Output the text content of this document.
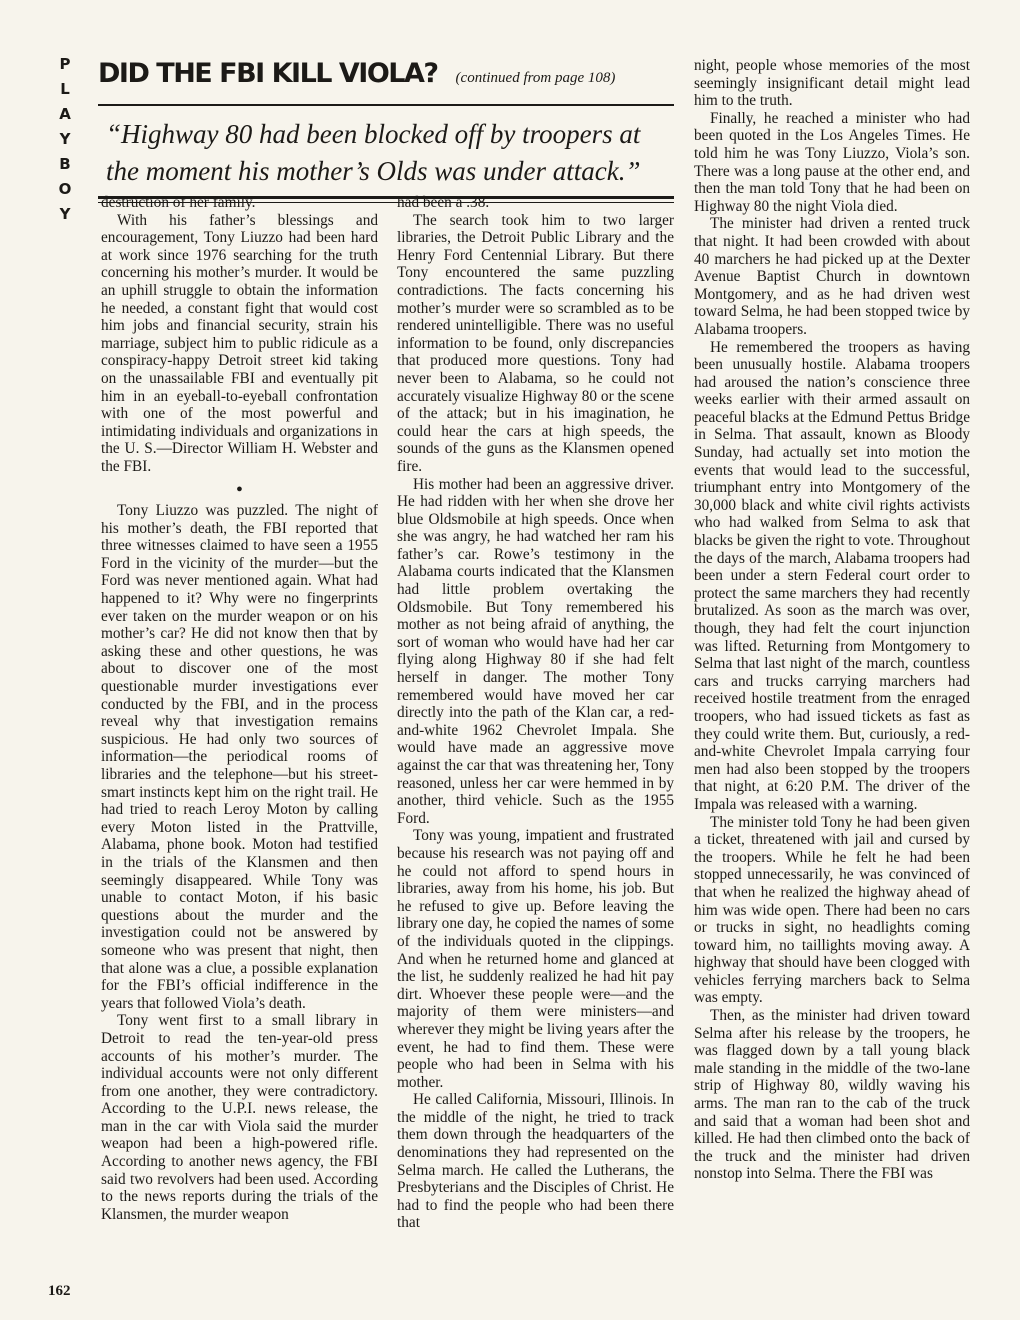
P
L
A
Y
B
O
Y
162
DID THE FBI KILL VIOLA? (continued from page 108)

“Highway 80 had been blocked off by troopers at the moment his mother’s Olds was under attack.”

destruction of her family.

With his father’s blessings and encouragement, Tony Liuzzo had been hard at work since 1976 searching for the truth concerning his mother’s murder. It would be an uphill struggle to obtain the information he needed, a constant fight that would cost him jobs and financial security, strain his marriage, subject him to public ridicule as a conspiracy-happy Detroit street kid taking on the unassailable FBI and eventually pit him in an eyeball-to-eyeball confrontation with one of the most powerful and intimidating individuals and organizations in the U. S.—Director William H. Webster and the FBI.

●

Tony Liuzzo was puzzled. The night of his mother’s death, the FBI reported that three witnesses claimed to have seen a 1955 Ford in the vicinity of the murder—but the Ford was never mentioned again. What had happened to it? Why were no fingerprints ever taken on the murder weapon or on his mother’s car? He did not know then that by asking these and other questions, he was about to discover one of the most questionable murder investigations ever conducted by the FBI, and in the process reveal why that investigation remains suspicious. He had only two sources of information—the periodical rooms of libraries and the telephone—but his street-smart instincts kept him on the right trail. He had tried to reach Leroy Moton by calling every Moton listed in the Prattville, Alabama, phone book. Moton had testified in the trials of the Klansmen and then seemingly disappeared. While Tony was unable to contact Moton, if his basic questions about the murder and the investigation could not be answered by someone who was present that night, then that alone was a clue, a possible explanation for the FBI’s official indifference in the years that followed Viola’s death.

Tony went first to a small library in Detroit to read the ten-year-old press accounts of his mother’s murder. The individual accounts were not only different from one another, they were contradictory. According to the U.P.I. news release, the man in the car with Viola said the murder weapon had been a high-powered rifle. According to another news agency, the FBI said two revolvers had been used. According to the news reports during the trials of the Klansmen, the murder weapon

had been a .38.

The search took him to two larger libraries, the Detroit Public Library and the Henry Ford Centennial Library. But there Tony encountered the same puzzling contradictions. The facts concerning his mother’s murder were so scrambled as to be rendered unintelligible. There was no useful information to be found, only discrepancies that produced more questions. Tony had never been to Alabama, so he could not accurately visualize Highway 80 or the scene of the attack; but in his imagination, he could hear the cars at high speeds, the sounds of the guns as the Klansmen opened fire.

His mother had been an aggressive driver. He had ridden with her when she drove her blue Oldsmobile at high speeds. Once when she was angry, he had watched her ram his father’s car. Rowe’s testimony in the Alabama courts indicated that the Klansmen had little problem overtaking the Oldsmobile. But Tony remembered his mother as not being afraid of anything, the sort of woman who would have had her car flying along Highway 80 if she had felt herself in danger. The mother Tony remembered would have moved her car directly into the path of the Klan car, a red-and-white 1962 Chevrolet Impala. She would have made an aggressive move against the car that was threatening her, Tony reasoned, unless her car were hemmed in by another, third vehicle. Such as the 1955 Ford.

Tony was young, impatient and frustrated because his research was not paying off and he could not afford to spend hours in libraries, away from his home, his job. But he refused to give up. Before leaving the library one day, he copied the names of some of the individuals quoted in the clippings. And when he returned home and glanced at the list, he suddenly realized he had hit pay dirt. Whoever these people were—and the majority of them were ministers—and wherever they might be living years after the event, he had to find them. These were people who had been in Selma with his mother.

He called California, Missouri, Illinois. In the middle of the night, he tried to track them down through the headquarters of the denominations they had represented on the Selma march. He called the Lutherans, the Presbyterians and the Disciples of Christ. He had to find the people who had been there that

night, people whose memories of the most seemingly insignificant detail might lead him to the truth.

Finally, he reached a minister who had been quoted in the Los Angeles Times. He told him he was Tony Liuzzo, Viola’s son. There was a long pause at the other end, and then the man told Tony that he had been on Highway 80 the night Viola died.

The minister had driven a rented truck that night. It had been crowded with about 40 marchers he had picked up at the Dexter Avenue Baptist Church in downtown Montgomery, and as he had driven west toward Selma, he had been stopped twice by Alabama troopers.

He remembered the troopers as having been unusually hostile. Alabama troopers had aroused the nation’s conscience three weeks earlier with their armed assault on peaceful blacks at the Edmund Pettus Bridge in Selma. That assault, known as Bloody Sunday, had actually set into motion the events that would lead to the successful, triumphant entry into Montgomery of the 30,000 black and white civil rights activists who had walked from Selma to ask that blacks be given the right to vote. Throughout the days of the march, Alabama troopers had been under a stern Federal court order to protect the same marchers they had recently brutalized. As soon as the march was over, though, they had felt the court injunction was lifted. Returning from Montgomery to Selma that last night of the march, countless cars and trucks carrying marchers had received hostile treatment from the enraged troopers, who had issued tickets as fast as they could write them. But, curiously, a red-and-white Chevrolet Impala carrying four men had also been stopped by the troopers that night, at 6:20 P.M. The driver of the Impala was released with a warning.

The minister told Tony he had been given a ticket, threatened with jail and cursed by the troopers. While he felt he had been stopped unnecessarily, he was convinced of that when he realized the highway ahead of him was wide open. There had been no cars or trucks in sight, no headlights coming toward him, no taillights moving away. A highway that should have been clogged with vehicles ferrying marchers back to Selma was empty.

Then, as the minister had driven toward Selma after his release by the troopers, he was flagged down by a tall young black male standing in the middle of the two-lane strip of Highway 80, wildly waving his arms. The man ran to the cab of the truck and said that a woman had been shot and killed. He had then climbed onto the back of the truck and the minister had driven nonstop into Selma. There the FBI was
